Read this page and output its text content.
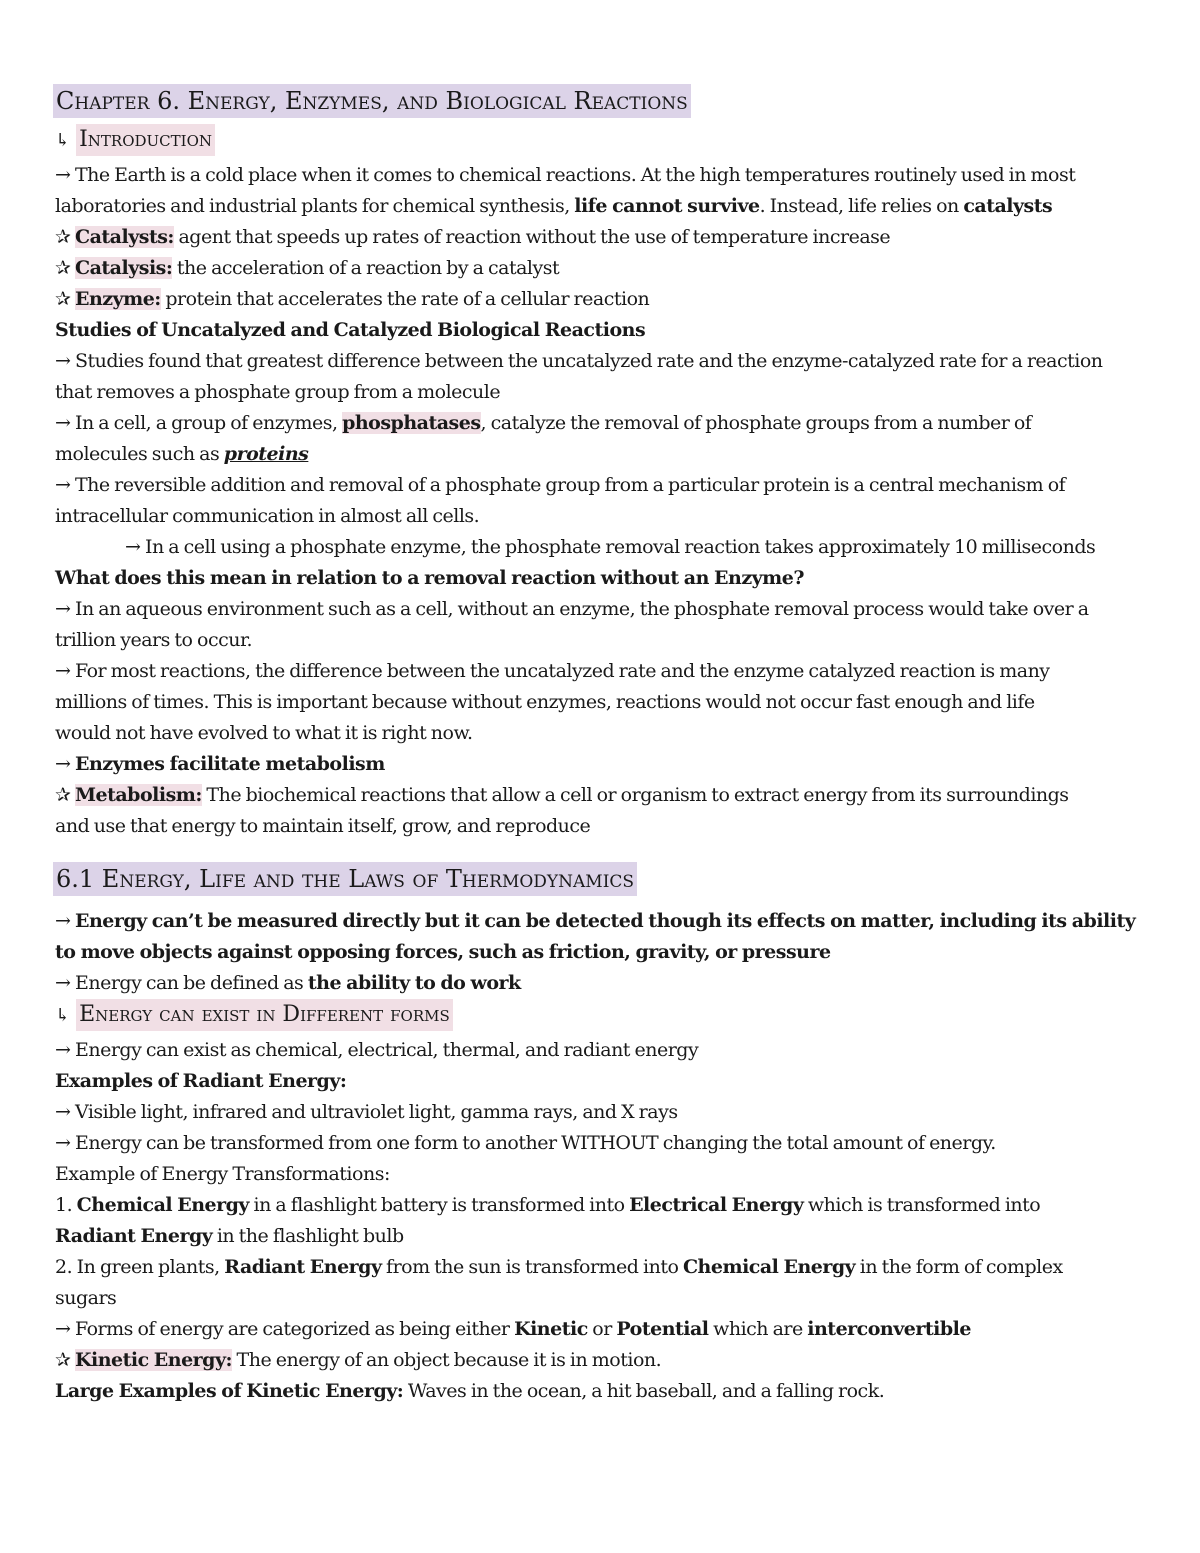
Chapter 6. Energy, Enzymes, and Biological Reactions
↳ Introduction
→ The Earth is a cold place when it comes to chemical reactions. At the high temperatures routinely used in most
laboratories and industrial plants for chemical synthesis, life cannot survive. Instead, life relies on catalysts
✰ Catalysts: agent that speeds up rates of reaction without the use of temperature increase
✰ Catalysis: the acceleration of a reaction by a catalyst
✰ Enzyme: protein that accelerates the rate of a cellular reaction
Studies of Uncatalyzed and Catalyzed Biological Reactions
→ Studies found that greatest difference between the uncatalyzed rate and the enzyme-catalyzed rate for a reaction
that removes a phosphate group from a molecule
→ In a cell, a group of enzymes, phosphatases, catalyze the removal of phosphate groups from a number of
molecules such as proteins
→ The reversible addition and removal of a phosphate group from a particular protein is a central mechanism of
intracellular communication in almost all cells.
→ In a cell using a phosphate enzyme, the phosphate removal reaction takes approximately 10 milliseconds
What does this mean in relation to a removal reaction without an Enzyme?
→ In an aqueous environment such as a cell, without an enzyme, the phosphate removal process would take over a
trillion years to occur.
→ For most reactions, the difference between the uncatalyzed rate and the enzyme catalyzed reaction is many
millions of times. This is important because without enzymes, reactions would not occur fast enough and life
would not have evolved to what it is right now.
→ Enzymes facilitate metabolism
✰ Metabolism: The biochemical reactions that allow a cell or organism to extract energy from its surroundings
and use that energy to maintain itself, grow, and reproduce
6.1 Energy, Life and the Laws of Thermodynamics
→ Energy can’t be measured directly but it can be detected though its effects on matter, including its ability
to move objects against opposing forces, such as friction, gravity, or pressure
→ Energy can be defined as the ability to do work
↳ Energy can exist in Different forms
→ Energy can exist as chemical, electrical, thermal, and radiant energy
Examples of Radiant Energy:
→ Visible light, infrared and ultraviolet light, gamma rays, and X rays
→ Energy can be transformed from one form to another WITHOUT changing the total amount of energy.
Example of Energy Transformations:
1. Chemical Energy in a flashlight battery is transformed into Electrical Energy which is transformed into
Radiant Energy in the flashlight bulb
2. In green plants, Radiant Energy from the sun is transformed into Chemical Energy in the form of complex
sugars
→ Forms of energy are categorized as being either Kinetic or Potential which are interconvertible
✰ Kinetic Energy: The energy of an object because it is in motion.
Large Examples of Kinetic Energy: Waves in the ocean, a hit baseball, and a falling rock.
